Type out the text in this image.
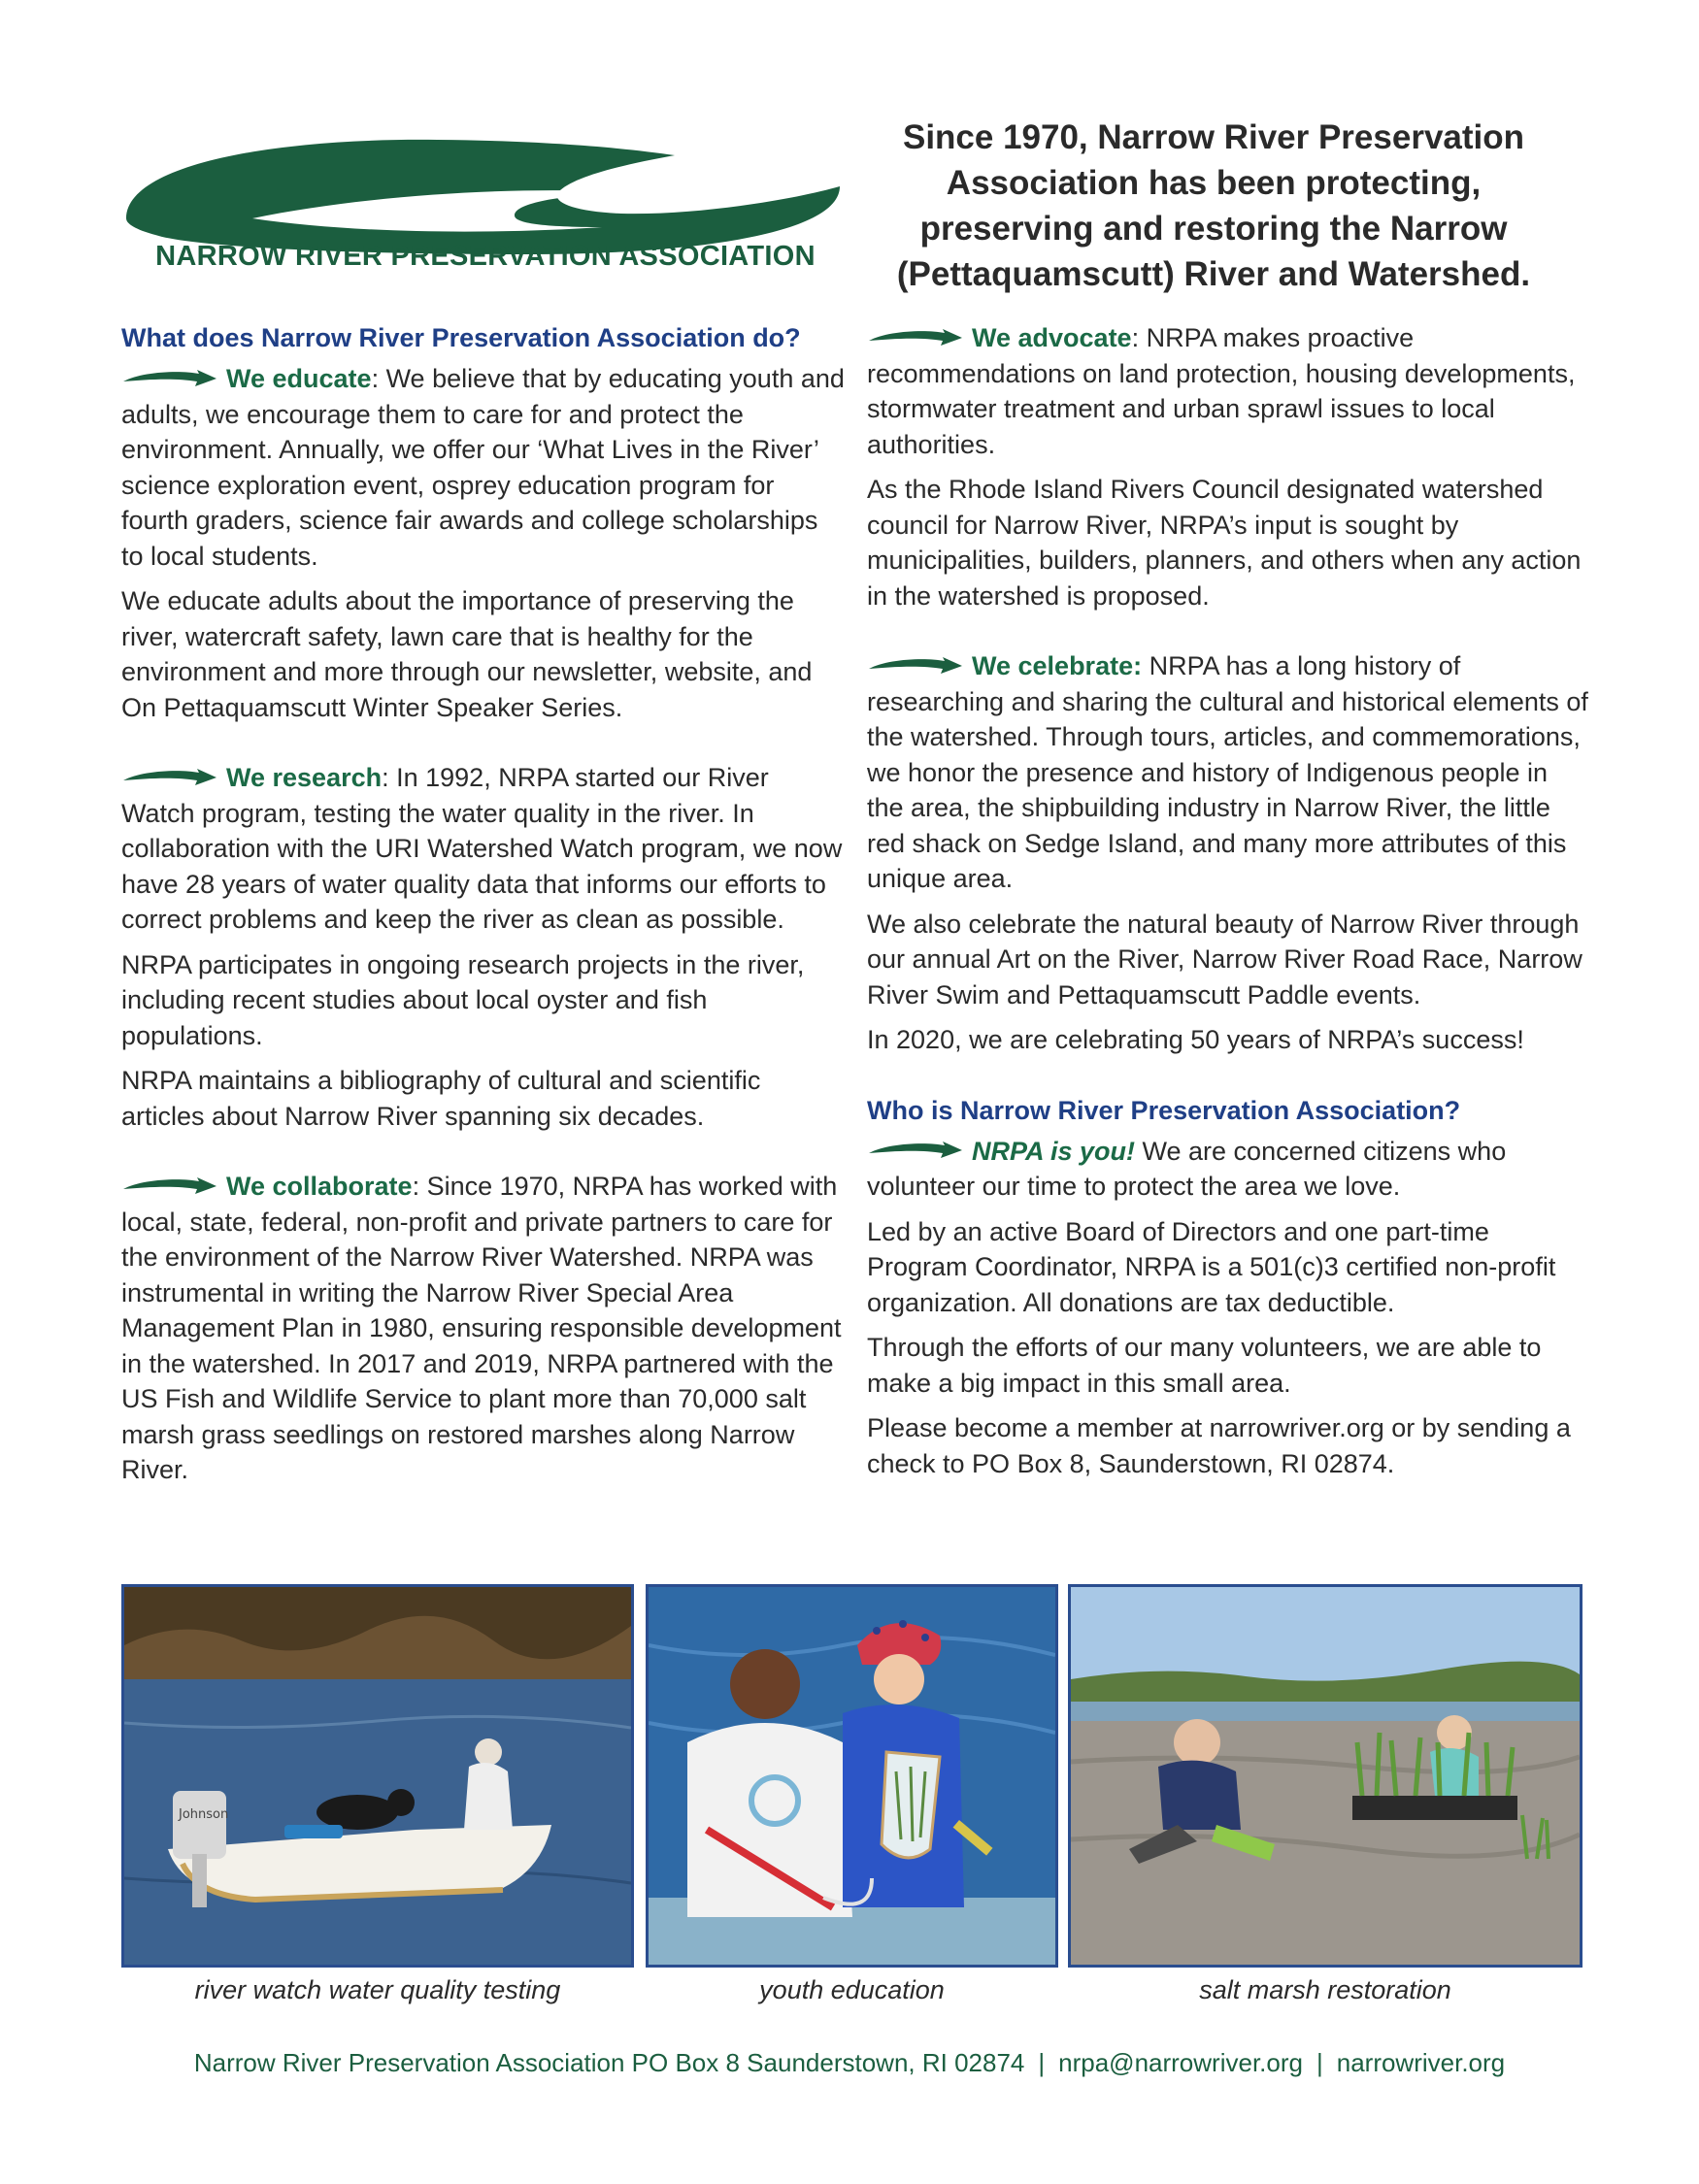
NARROW RIVER PRESERVATION ASSOCIATION
Since 1970, Narrow River Preservation Association has been protecting, preserving and restoring the Narrow (Pettaquamscutt) River and Watershed.
What does Narrow River Preservation Association do?

We educate: We believe that by educating youth and adults, we encourage them to care for and protect the environment. Annually, we offer our ‘What Lives in the River’ science exploration event, osprey education program for fourth graders, science fair awards and college scholarships to local students.

We educate adults about the importance of preserving the river, watercraft safety, lawn care that is healthy for the environment and more through our newsletter, website, and On Pettaquamscutt Winter Speaker Series.

We research: In 1992, NRPA started our River Watch program, testing the water quality in the river. In collaboration with the URI Watershed Watch program, we now have 28 years of water quality data that informs our efforts to correct problems and keep the river as clean as possible.

NRPA participates in ongoing research projects in the river, including recent studies about local oyster and fish populations.

NRPA maintains a bibliography of cultural and scientific articles about Narrow River spanning six decades.

We collaborate: Since 1970, NRPA has worked with local, state, federal, non-profit and private partners to care for the environment of the Narrow River Watershed. NRPA was instrumental in writing the Narrow River Special Area Management Plan in 1980, ensuring responsible development in the watershed. In 2017 and 2019, NRPA partnered with the US Fish and Wildlife Service to plant more than 70,000 salt marsh grass seedlings on restored marshes along Narrow River.

We advocate: NRPA makes proactive recommendations on land protection, housing developments, stormwater treatment and urban sprawl issues to local authorities.

As the Rhode Island Rivers Council designated watershed council for Narrow River, NRPA’s input is sought by municipalities, builders, planners, and others when any action in the watershed is proposed.

We celebrate: NRPA has a long history of researching and sharing the cultural and historical elements of the watershed. Through tours, articles, and commemorations, we honor the presence and history of Indigenous people in the area, the shipbuilding industry in Narrow River, the little red shack on Sedge Island, and many more attributes of this unique area.

We also celebrate the natural beauty of Narrow River through our annual Art on the River, Narrow River Road Race, Narrow River Swim and Pettaquamscutt Paddle events.

In 2020, we are celebrating 50 years of NRPA’s success!

Who is Narrow River Preservation Association?

NRPA is you! We are concerned citizens who volunteer our time to protect the area we love.

Led by an active Board of Directors and one part-time Program Coordinator, NRPA is a 501(c)3 certified non-profit organization. All donations are tax deductible.

Through the efforts of our many volunteers, we are able to make a big impact in this small area.

Please become a member at narrowriver.org or by sending a check to PO Box 8, Saunderstown, RI 02874.

Johnson
river watch water quality testing	youth education	salt marsh restoration
Narrow River Preservation Association PO Box 8 Saunderstown, RI 02874 | nrpa@narrowriver.org | narrowriver.org
